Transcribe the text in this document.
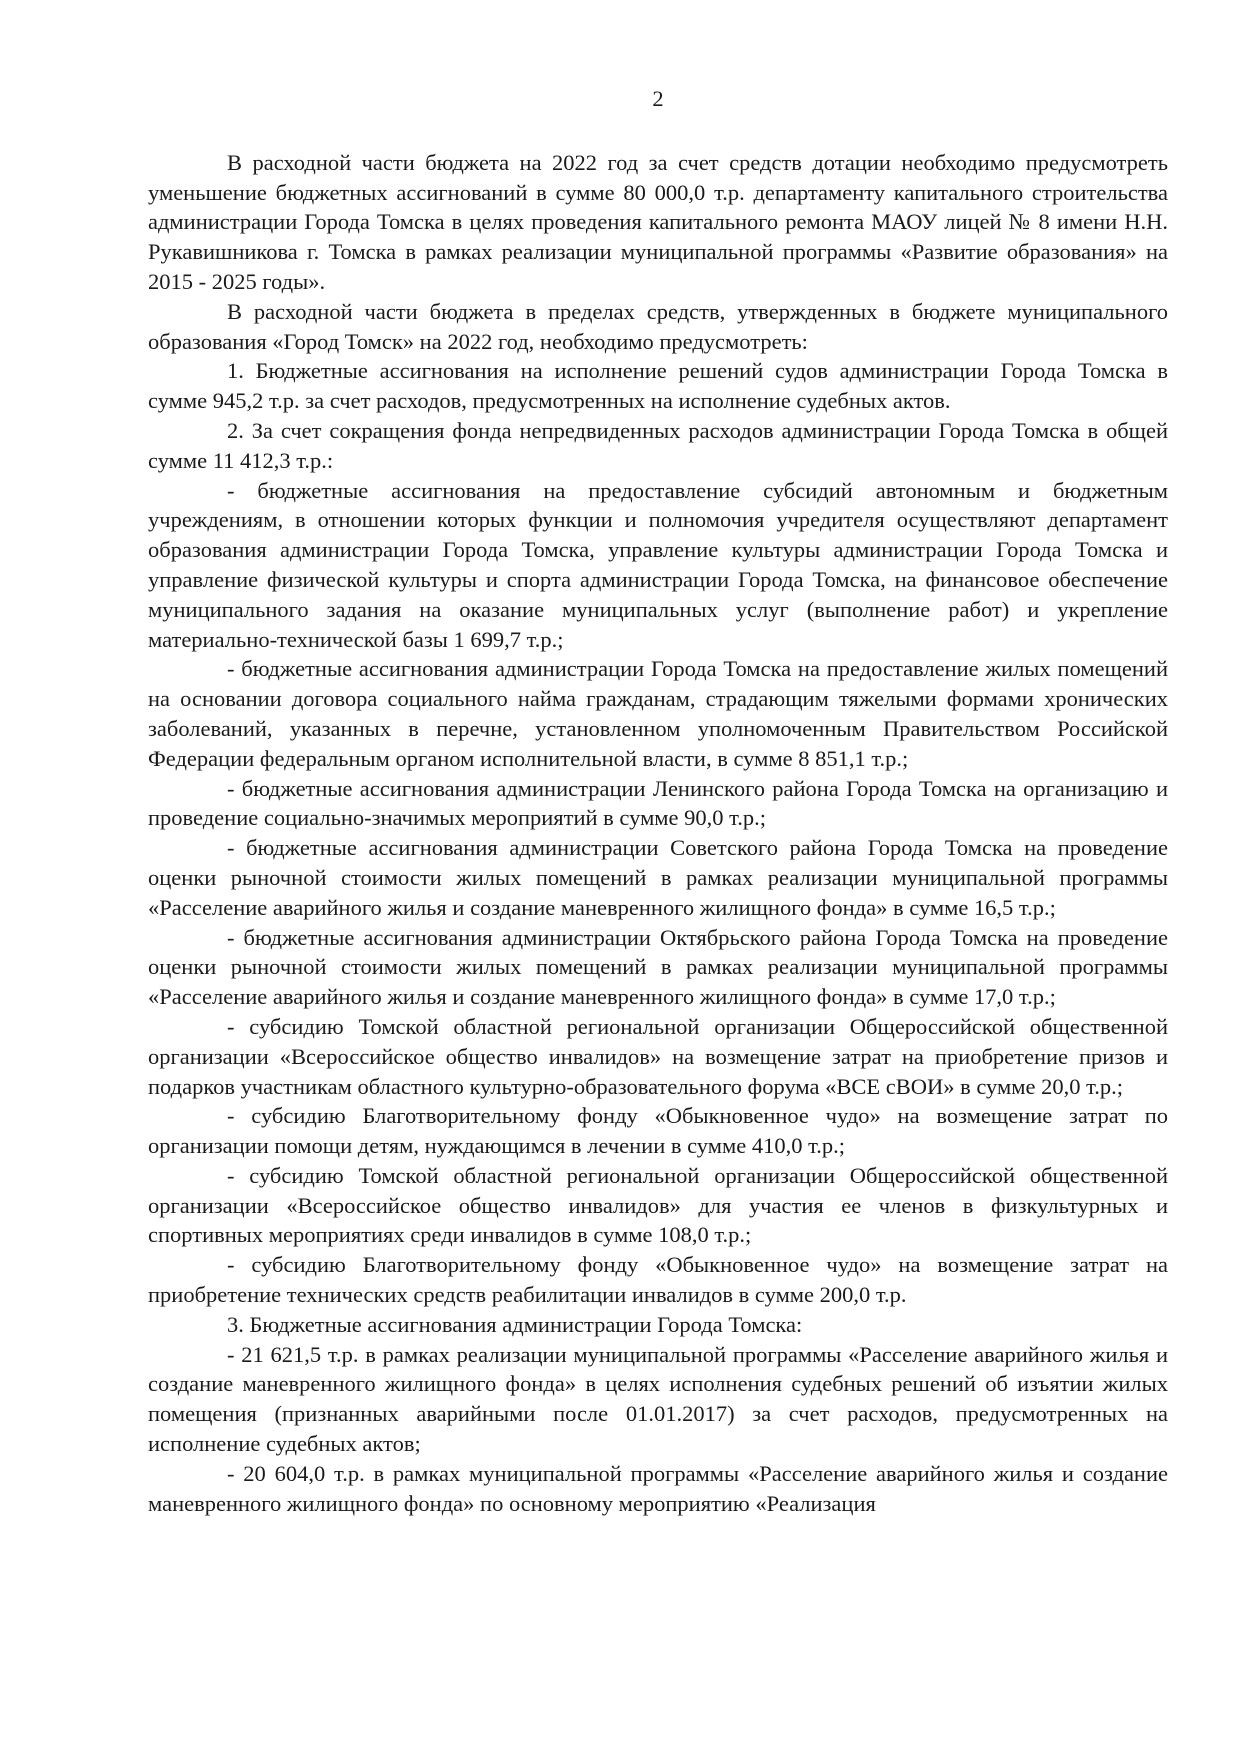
2

В расходной части бюджета на 2022 год за счет средств дотации необходимо предусмотреть уменьшение бюджетных ассигнований в сумме 80 000,0 т.р. департаменту капитального строительства администрации Города Томска в целях проведения капитального ремонта МАОУ лицей № 8 имени Н.Н. Рукавишникова г. Томска в рамках реализации муниципальной программы «Развитие образования» на 2015 - 2025 годы».

В расходной части бюджета в пределах средств, утвержденных в бюджете муниципального образования «Город Томск» на 2022 год, необходимо предусмотреть:

1. Бюджетные ассигнования на исполнение решений судов администрации Города Томска в сумме 945,2 т.р. за счет расходов, предусмотренных на исполнение судебных актов.

2. За счет сокращения фонда непредвиденных расходов администрации Города Томска в общей сумме 11 412,3 т.р.:

- бюджетные ассигнования на предоставление субсидий автономным и бюджетным учреждениям, в отношении которых функции и полномочия учредителя осуществляют департамент образования администрации Города Томска, управление культуры администрации Города Томска и управление физической культуры и спорта администрации Города Томска, на финансовое обеспечение муниципального задания на оказание муниципальных услуг (выполнение работ) и укрепление материально-технической базы 1 699,7 т.р.;

- бюджетные ассигнования администрации Города Томска на предоставление жилых помещений на основании договора социального найма гражданам, страдающим тяжелыми формами хронических заболеваний, указанных в перечне, установленном уполномоченным Правительством Российской Федерации федеральным органом исполнительной власти, в сумме 8 851,1 т.р.;

- бюджетные ассигнования администрации Ленинского района Города Томска на организацию и проведение социально-значимых мероприятий в сумме 90,0 т.р.;

- бюджетные ассигнования администрации Советского района Города Томска на проведение оценки рыночной стоимости жилых помещений в рамках реализации муниципальной программы «Расселение аварийного жилья и создание маневренного жилищного фонда» в сумме 16,5 т.р.;

- бюджетные ассигнования администрации Октябрьского района Города Томска на проведение оценки рыночной стоимости жилых помещений в рамках реализации муниципальной программы «Расселение аварийного жилья и создание маневренного жилищного фонда» в сумме 17,0 т.р.;

- субсидию Томской областной региональной организации Общероссийской общественной организации «Всероссийское общество инвалидов» на возмещение затрат на приобретение призов и подарков участникам областного культурно-образовательного форума «ВСЕ сВОИ» в сумме 20,0 т.р.;

- субсидию Благотворительному фонду «Обыкновенное чудо» на возмещение затрат по организации помощи детям, нуждающимся в лечении в сумме 410,0 т.р.;

- субсидию Томской областной региональной организации Общероссийской общественной организации «Всероссийское общество инвалидов» для участия ее членов в физкультурных и спортивных мероприятиях среди инвалидов в сумме 108,0 т.р.;

- субсидию Благотворительному фонду «Обыкновенное чудо» на возмещение затрат на приобретение технических средств реабилитации инвалидов в сумме 200,0 т.р.

3. Бюджетные ассигнования администрации Города Томска:

- 21 621,5 т.р. в рамках реализации муниципальной программы «Расселение аварийного жилья и создание маневренного жилищного фонда» в целях исполнения судебных решений об изъятии жилых помещения (признанных аварийными после 01.01.2017) за счет расходов, предусмотренных на исполнение судебных актов;

- 20 604,0 т.р. в рамках муниципальной программы «Расселение аварийного жилья и создание маневренного жилищного фонда» по основному мероприятию «Реализация
